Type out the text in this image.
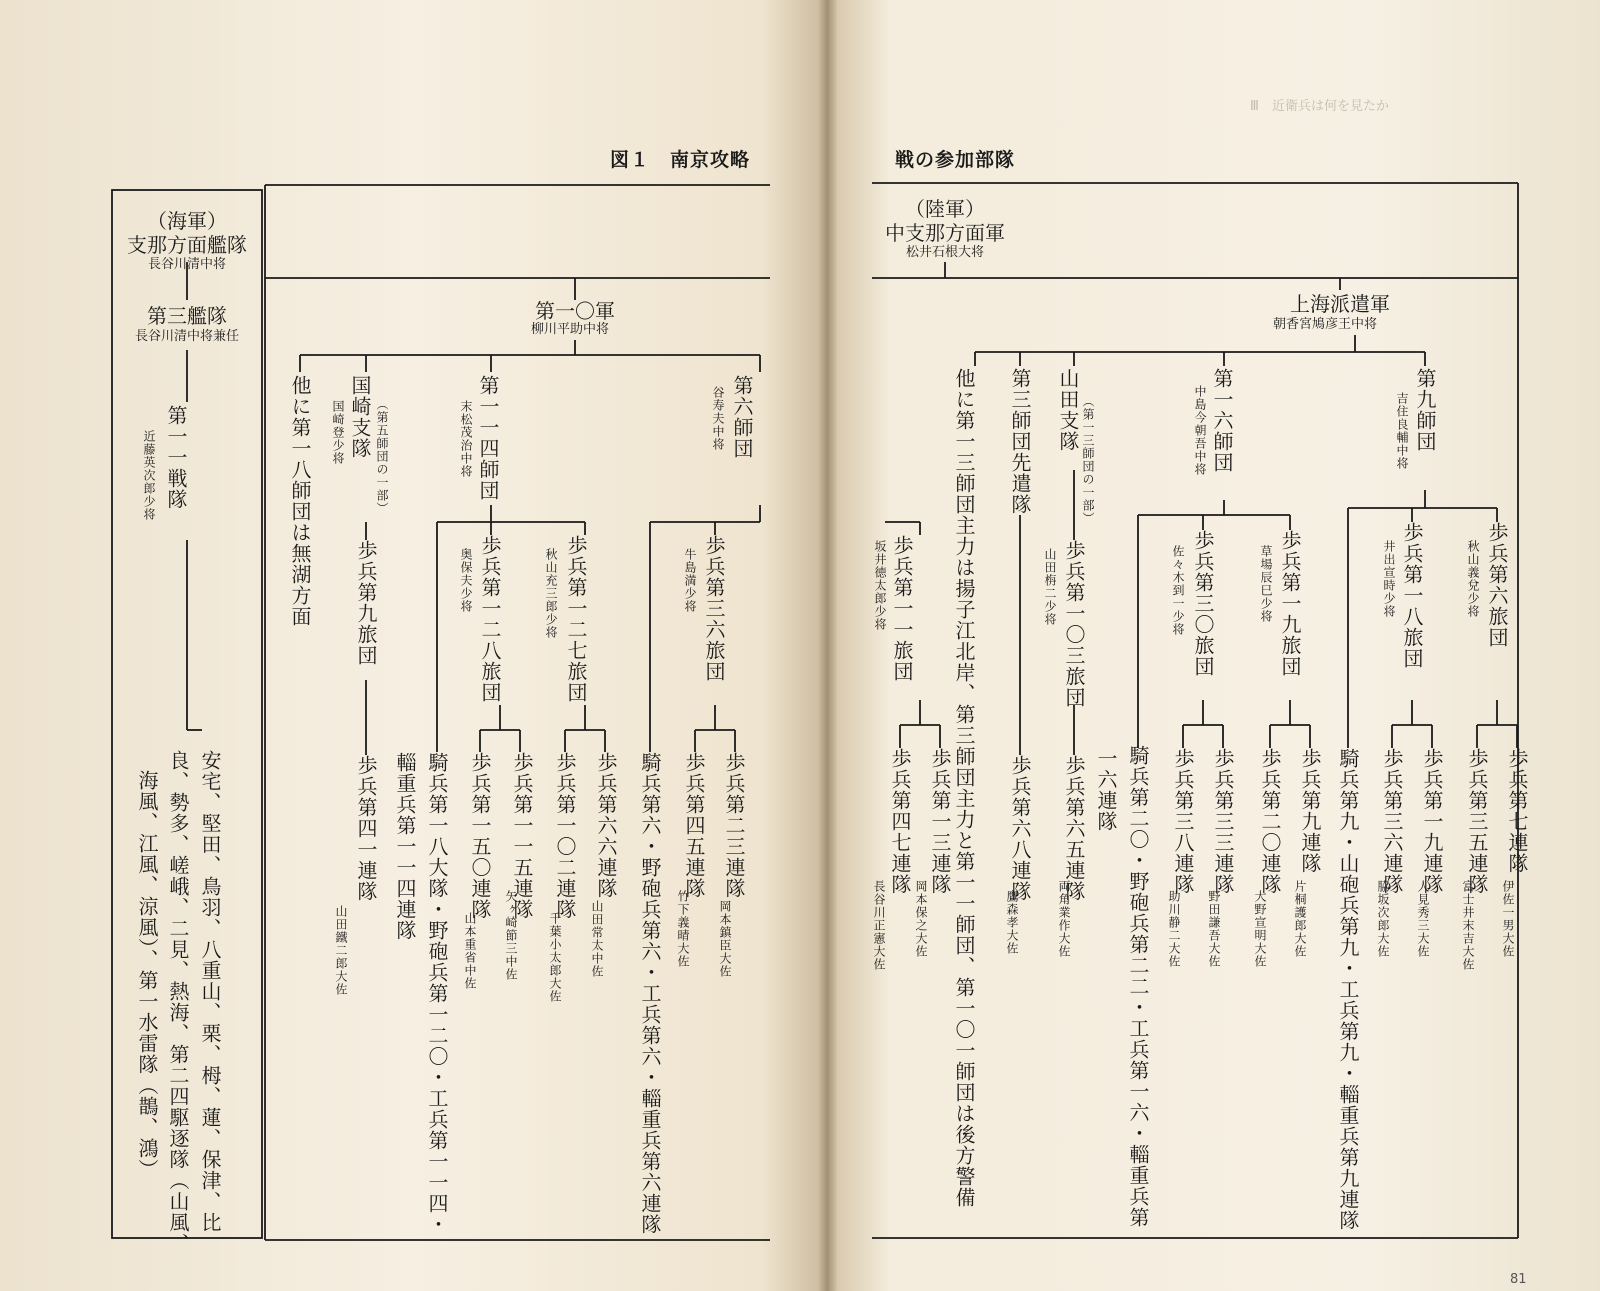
図１　南京攻略	戦の参加部隊
Ⅲ　近衛兵は何を見たか
81
（海軍）
支那方面艦隊
長谷川清中将
第三艦隊
長谷川清中将兼任
第一一戦隊
近藤英次郎少将
安宅、堅田、鳥羽、八重山、栗、栂、蓮、保津、比
良、勢多、嵯峨、二見、熱海、第二四駆逐隊（山風、
海風、江風、涼風）、第一水雷隊（鵲、鴻）
（陸軍）
中支那方面軍
松井石根大将
第一〇軍
柳川平助中将
上海派遣軍
朝香宮鳩彦王中将
他に第一八師団は無湖方面	（第五師団の一部）
国崎支隊
国崎登少将
歩兵第九旅団
歩兵第四一連隊
山田鐵二郎大佐
第一一四師団
末松茂治中将
歩兵第一二八旅団
奥保夫少将	歩兵第一二七旅団
秋山充三郎少将
騎兵第一八大隊・野砲兵第一二〇・工兵第一一四・
輜重兵第一一四連隊	歩兵第一一五連隊
矢ヶ崎節三中佐
歩兵第一五〇連隊
山本重省中佐
歩兵第六六連隊
山田常太中佐
歩兵第一〇二連隊
千葉小太郎大佐
第六師団
谷寿夫中将
歩兵第三六旅団
牛島満少将
騎兵第六・野砲兵第六・工兵第六・輜重兵第六連隊 歩兵第四五連隊
竹下義晴大佐
歩兵第二三連隊
岡本鎮臣大佐
歩兵第一一旅団
坂井徳太郎少将
歩兵第四七連隊
長谷川正憲大佐
歩兵第一三連隊
岡本保之大佐 他に第一三師団主力は揚子江北岸、第三師団主力と第一一師団、第一〇一師団は後方警備 第三師団先遣隊
歩兵第六八連隊
鷹森孝大佐
山田支隊 （第一三師団の一部）
歩兵第一〇三旅団
山田栴二少将
歩兵第六五連隊
両角業作大佐
第一六師団
中島今朝吾中将
騎兵第二〇・野砲兵第二二・工兵第一六・輜重兵第
一六連隊
歩兵第三〇旅団
佐々木到一少将
歩兵第三八連隊
助川静二大佐
歩兵第三三連隊
野田謙吾大佐
歩兵第一九旅団
草場辰巳少将
歩兵第二〇連隊
大野宣明大佐
歩兵第九連隊
片桐護郎大佐
第九師団
吉住良輔中将
騎兵第九・山砲兵第九・工兵第九・輜重兵第九連隊
歩兵第一八旅団
井出宣時少将
歩兵第三六連隊
脇坂次郎大佐
歩兵第一九連隊
人見秀三大佐
歩兵第六旅団
秋山義兌少将
歩兵第三五連隊
富士井末吉大佐
歩兵第七連隊
伊佐一男大佐
